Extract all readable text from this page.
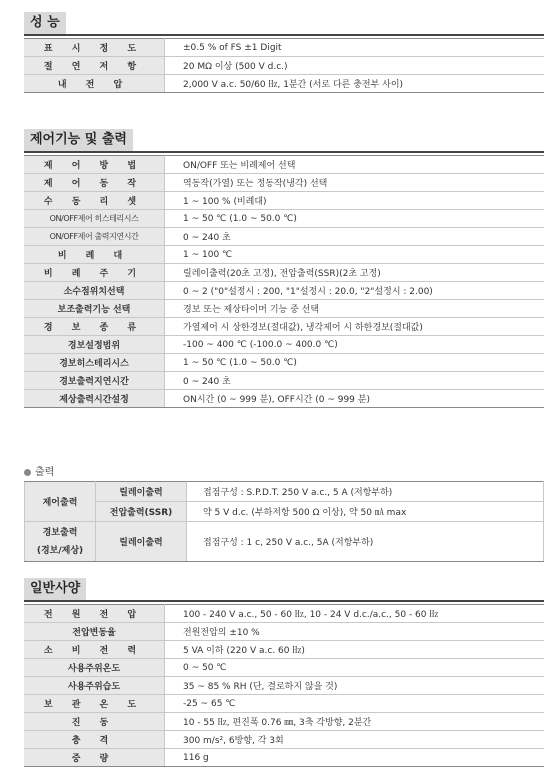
성 능
표 시 정 도	±0.5 % of FS ±1 Digit
절 연 저 항	20 MΩ 이상 (500 V d.c.)
내 전 압	2,000 V a.c. 50/60 ㎐, 1분간 (서로 다른 충전부 사이)
제어기능 및 출력
제 어 방 법	ON/OFF 또는 비례제어 선택
제 어 동 작	역동작(가열) 또는 정동작(냉각) 선택
수 동 리 셋	1 ~ 100 % (비례대)
ON/OFF제어 히스테리시스	1 ~ 50 ℃ (1.0 ~ 50.0 ℃)
ON/OFF제어 출력지연시간	0 ~ 240 초
비 례 대	1 ~ 100 ℃
비 례 주 기	릴레이출력(20초 고정), 전압출력(SSR)(2초 고정)
소수점위치선택	0 ~ 2 ("0"설정시 : 200, "1"설정시 : 20.0, "2"설정시 : 2.00)
보조출력기능 선택	경보 또는 제상타이머 기능 중 선택
경 보 종 류	가열제어 시 상한경보(절대값), 냉각제어 시 하한경보(절대값)
경보설정범위	-100 ~ 400 ℃ (-100.0 ~ 400.0 ℃)
경보히스테리시스	1 ~ 50 ℃ (1.0 ~ 50.0 ℃)
경보출력지연시간	0 ~ 240 초
제상출력시간설정	ON시간 (0 ~ 999 분), OFF시간 (0 ~ 999 분)
출력
제어출력	릴레이출력	접점구성 : S.P.D.T. 250 V a.c., 5 A (저항부하)
	전압출력(SSR)	약 5 V d.c. (부하저항 500 Ω 이상), 약 50 ㎃ max
경보출력
(경보/제상)	릴레이출력	접점구성 : 1 c, 250 V a.c., 5A (저항부하)
일반사양
전 원 전 압	100 - 240 V a.c., 50 - 60 ㎐, 10 - 24 V d.c./a.c., 50 - 60 ㎐
전압변동율	전원전압의 ±10 %
소 비 전 력	5 VA 이하 (220 V a.c. 60 ㎐)
사용주위온도	0 ~ 50 ℃
사용주위습도	35 ~ 85 % RH (단, 결로하지 않을 것)
보 관 온 도	-25 ~ 65 ℃
진 동	10 - 55 ㎐, 편진폭 0.76 ㎜, 3축 각방향, 2분간
충 격	300 m/s², 6방향, 각 3회
중 량	116 g
